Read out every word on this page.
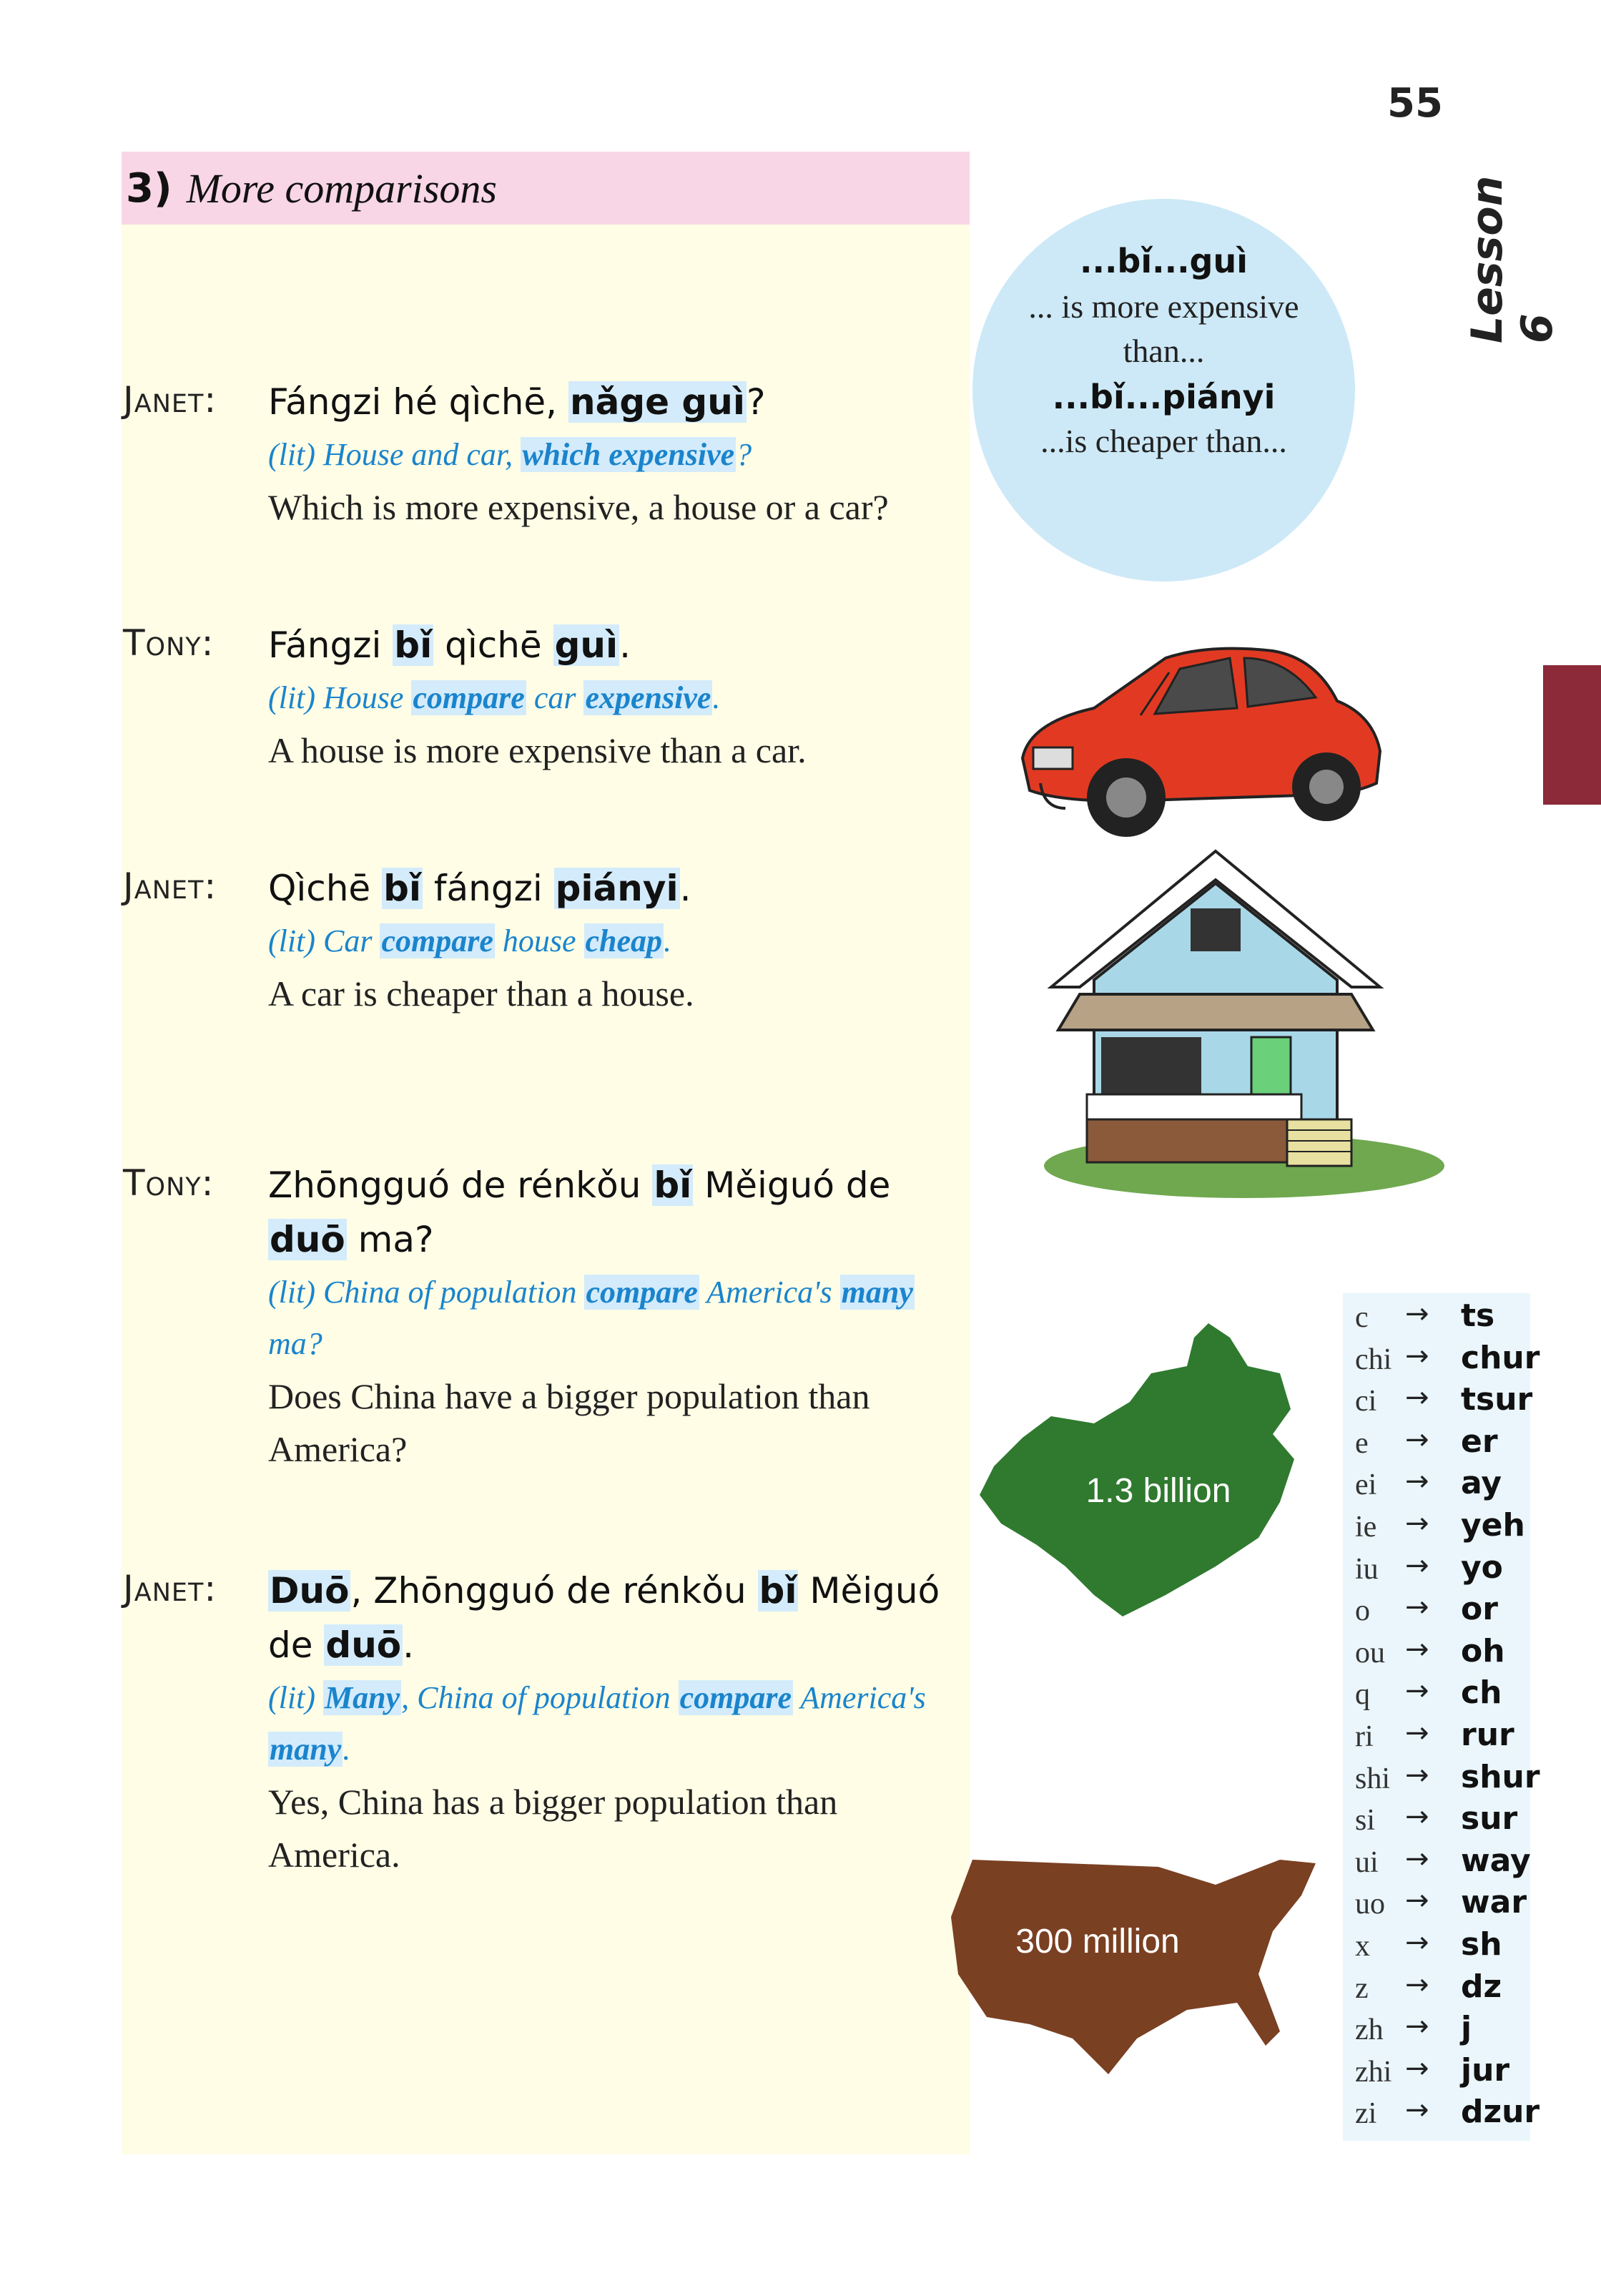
55
Lesson 6
3) More comparisons
...bǐ...guì
... is more expensive than...
...bǐ...piányi
...is cheaper than...
Janet: Fángzi hé qìchē, nǎge guì?
(lit) House and car, which expensive?
Which is more expensive, a house or a car?
Tony: Fángzi bǐ qìchē guì.
(lit) House compare car expensive.
A house is more expensive than a car.
Janet: Qìchē bǐ fángzi piányi.
(lit) Car compare house cheap.
A car is cheaper than a house.
Tony: Zhōngguó de rénkǒu bǐ Měiguó de duō ma?
(lit) China of population compare America's many ma?
Does China have a bigger population than America?
Janet: Duō, Zhōngguó de rénkǒu bǐ Měiguó de duō.
(lit) Many, China of population compare America's many.
Yes, China has a bigger population than America.
1.3 billion
300 million
c → ts
chi → chur
ci → tsur
e → er
ei → ay
ie → yeh
iu → yo
o → or
ou → oh
q → ch
ri → rur
shi → shur
si → sur
ui → way
uo → war
x → sh
z → dz
zh → j
zhi → jur
zi → dzur
